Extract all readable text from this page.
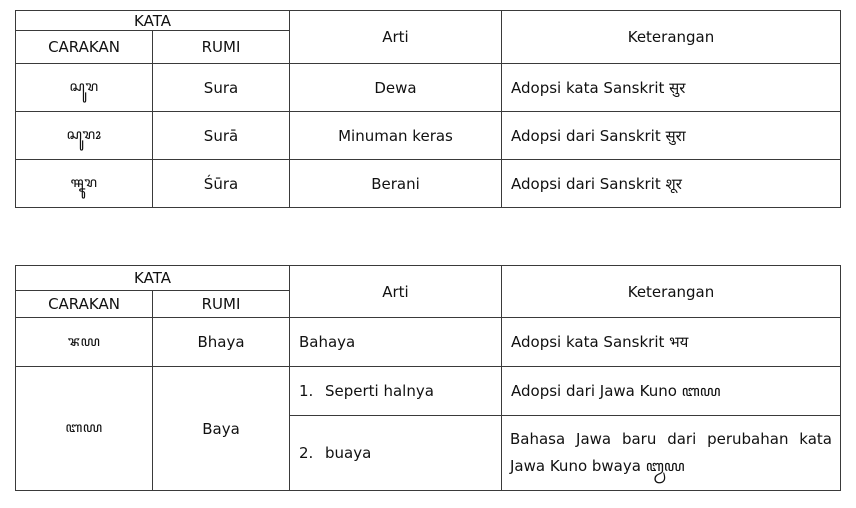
KATA		Arti	Keterangan
CARAKAN	RUMI		
ꦱꦸꦫ	Sura	Dewa	Adopsi kata Sanskrit सुर
ꦱꦸꦫꦴ	Surā	Minuman keras	Adopsi dari Sanskrit सुरा
ꦯꦹꦫ	Śūra	Berani	Adopsi dari Sanskrit शूर
KATA		Arti	Keterangan
CARAKAN	RUMI		
ꦨꦪ	Bhaya	Bahaya	Adopsi kata Sanskrit भय
ꦧꦪ	Baya	1. Seperti halnya	Adopsi dari Jawa Kuno ꦧꦪ
		2. buaya	Bahasa Jawa baru dari perubahan kata Jawa Kuno bwaya ꦧ꧀ꦮꦪ
